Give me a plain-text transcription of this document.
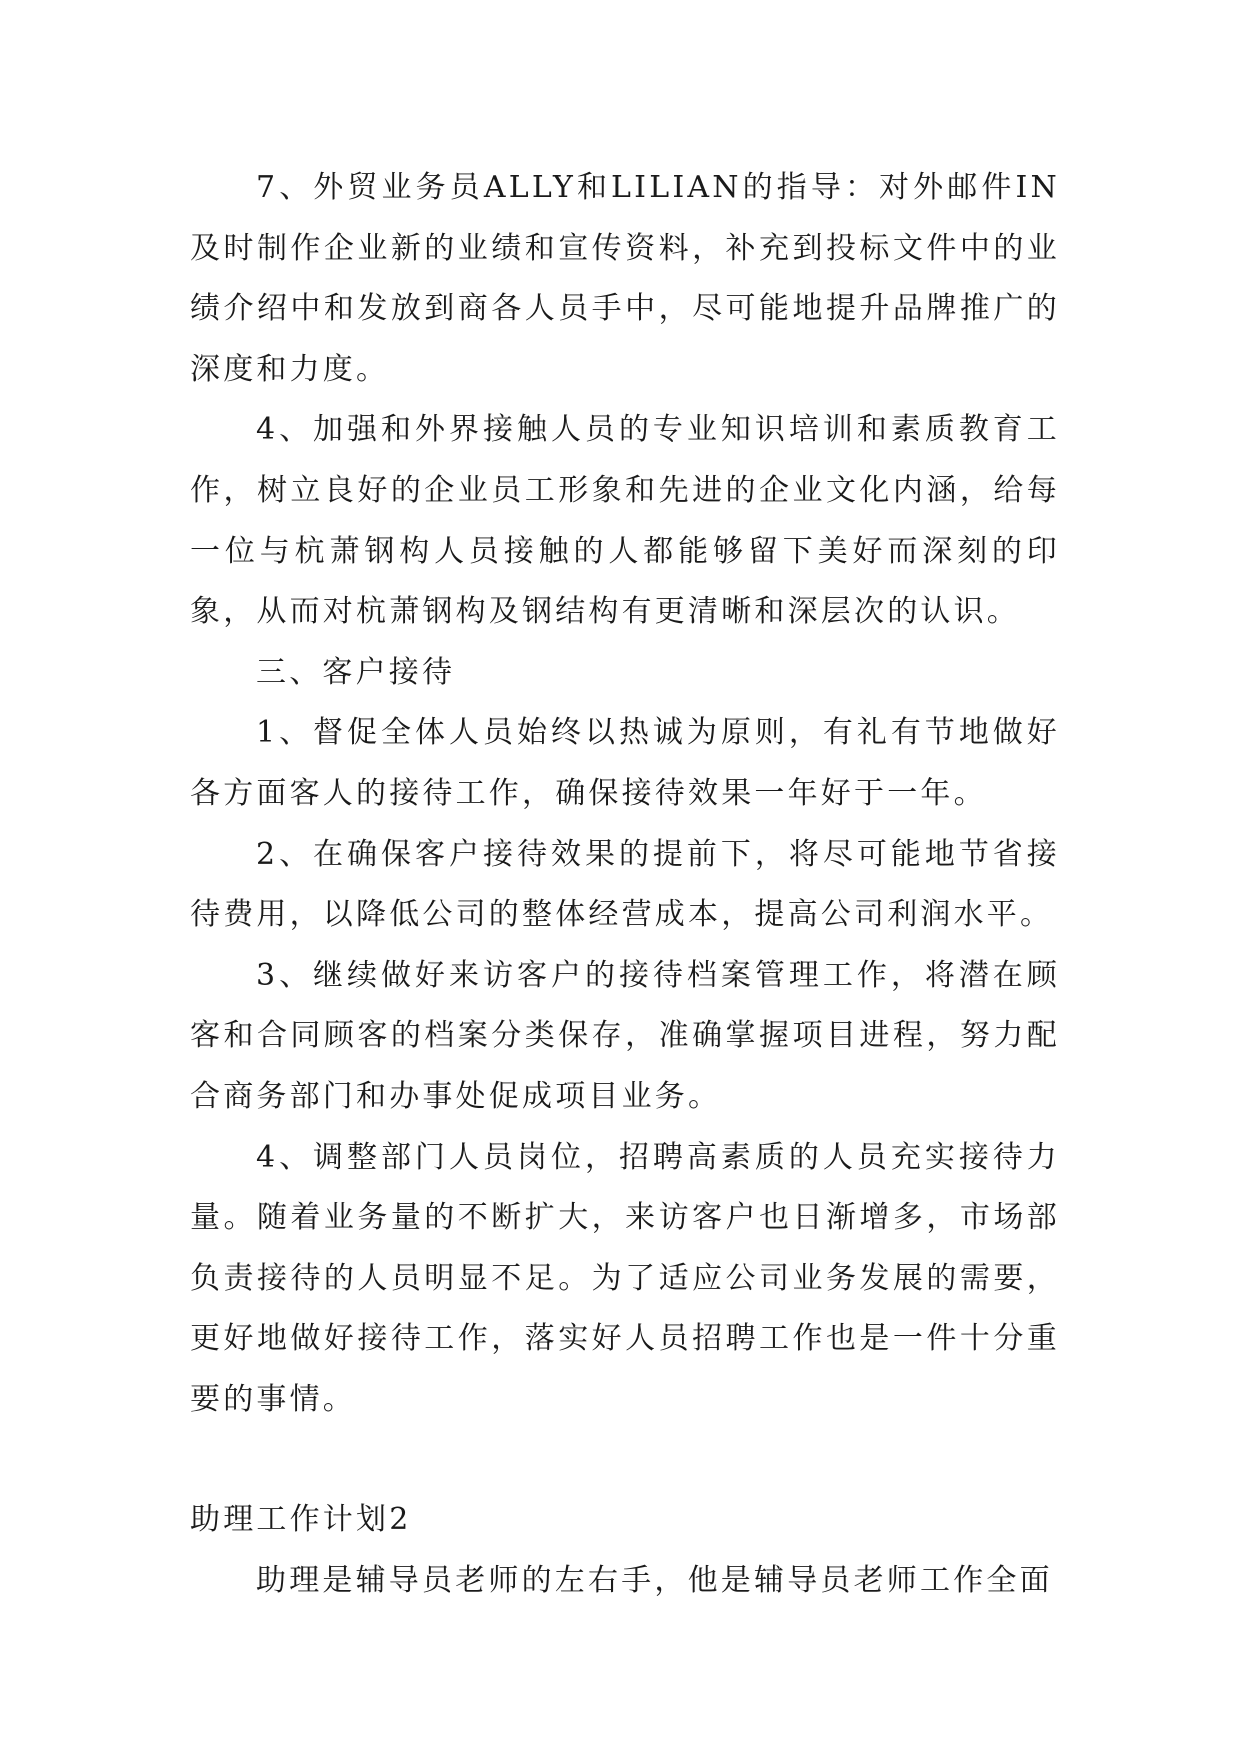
7、外贸业务员ALLY和LILIAN的指导：对外邮件IN及时制作企业新的业绩和宣传资料，补充到投标文件中的业绩介绍中和发放到商各人员手中，尽可能地提升品牌推广的深度和力度。

4、加强和外界接触人员的专业知识培训和素质教育工作，树立良好的企业员工形象和先进的企业文化内涵，给每一位与杭萧钢构人员接触的人都能够留下美好而深刻的印象，从而对杭萧钢构及钢结构有更清晰和深层次的认识。

三、客户接待

1、督促全体人员始终以热诚为原则，有礼有节地做好各方面客人的接待工作，确保接待效果一年好于一年。

2、在确保客户接待效果的提前下，将尽可能地节省接待费用，以降低公司的整体经营成本，提高公司利润水平。

3、继续做好来访客户的接待档案管理工作，将潜在顾客和合同顾客的档案分类保存，准确掌握项目进程，努力配合商务部门和办事处促成项目业务。

4、调整部门人员岗位，招聘高素质的人员充实接待力量。随着业务量的不断扩大，来访客户也日渐增多，市场部负责接待的人员明显不足。为了适应公司业务发展的需要，更好地做好接待工作，落实好人员招聘工作也是一件十分重要的事情。

助理工作计划2

助理是辅导员老师的左右手，他是辅导员老师工作全面
